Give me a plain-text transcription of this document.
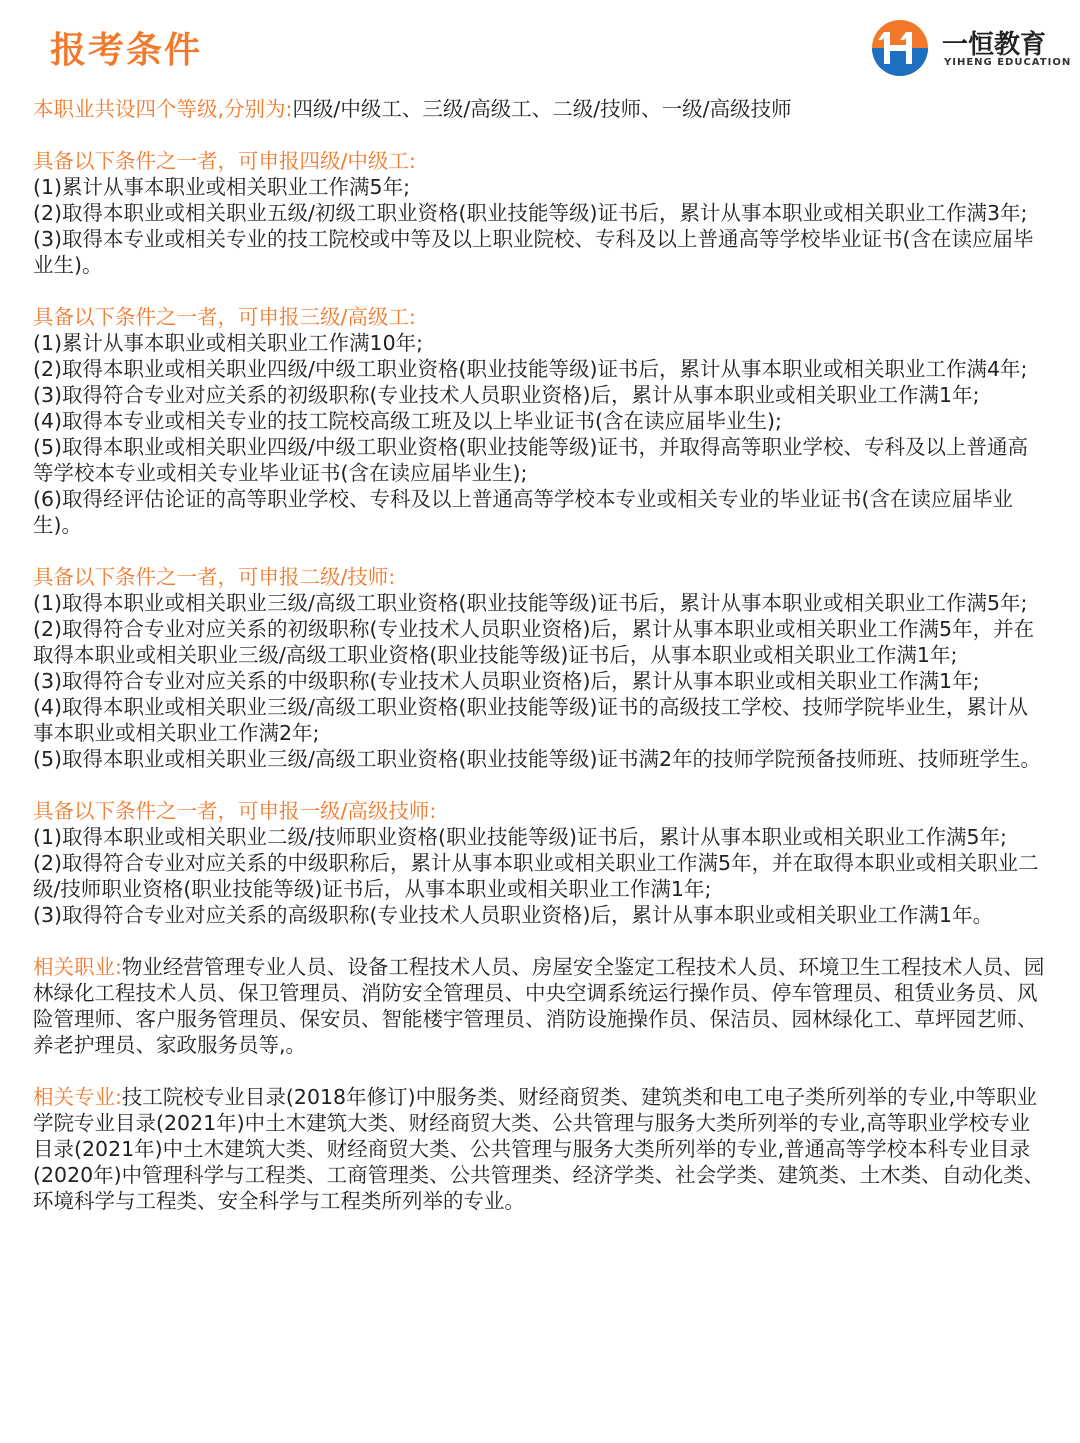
报考条件	一恒教育
YIHENG EDUCATION

本职业共设四个等级,分别为:四级/中级工、三级/高级工、二级/技师、一级/高级技师

具备以下条件之一者，可申报四级/中级工:

(1)累计从事本职业或相关职业工作满5年;

(2)取得本职业或相关职业五级/初级工职业资格(职业技能等级)证书后，累计从事本职业或相关职业工作满3年;

(3)取得本专业或相关专业的技工院校或中等及以上职业院校、专科及以上普通高等学校毕业证书(含在读应届毕业生)。

具备以下条件之一者，可申报三级/高级工:

(1)累计从事本职业或相关职业工作满10年;

(2)取得本职业或相关职业四级/中级工职业资格(职业技能等级)证书后，累计从事本职业或相关职业工作满4年;

(3)取得符合专业对应关系的初级职称(专业技术人员职业资格)后，累计从事本职业或相关职业工作满1年;

(4)取得本专业或相关专业的技工院校高级工班及以上毕业证书(含在读应届毕业生);

(5)取得本职业或相关职业四级/中级工职业资格(职业技能等级)证书，并取得高等职业学校、专科及以上普通高等学校本专业或相关专业毕业证书(含在读应届毕业生);

(6)取得经评估论证的高等职业学校、专科及以上普通高等学校本专业或相关专业的毕业证书(含在读应届毕业生)。

具备以下条件之一者，可申报二级/技师:

(1)取得本职业或相关职业三级/高级工职业资格(职业技能等级)证书后，累计从事本职业或相关职业工作满5年;

(2)取得符合专业对应关系的初级职称(专业技术人员职业资格)后，累计从事本职业或相关职业工作满5年，并在取得本职业或相关职业三级/高级工职业资格(职业技能等级)证书后，从事本职业或相关职业工作满1年;

(3)取得符合专业对应关系的中级职称(专业技术人员职业资格)后，累计从事本职业或相关职业工作满1年;

(4)取得本职业或相关职业三级/高级工职业资格(职业技能等级)证书的高级技工学校、技师学院毕业生，累计从事本职业或相关职业工作满2年;

(5)取得本职业或相关职业三级/高级工职业资格(职业技能等级)证书满2年的技师学院预备技师班、技师班学生。

具备以下条件之一者，可申报一级/高级技师:

(1)取得本职业或相关职业二级/技师职业资格(职业技能等级)证书后，累计从事本职业或相关职业工作满5年;

(2)取得符合专业对应关系的中级职称后，累计从事本职业或相关职业工作满5年，并在取得本职业或相关职业二级/技师职业资格(职业技能等级)证书后，从事本职业或相关职业工作满1年;

(3)取得符合专业对应关系的高级职称(专业技术人员职业资格)后，累计从事本职业或相关职业工作满1年。

相关职业:物业经营管理专业人员、设备工程技术人员、房屋安全鉴定工程技术人员、环境卫生工程技术人员、园林绿化工程技术人员、保卫管理员、消防安全管理员、中央空调系统运行操作员、停车管理员、租赁业务员、风险管理师、客户服务管理员、保安员、智能楼宇管理员、消防设施操作员、保洁员、园林绿化工、草坪园艺师、养老护理员、家政服务员等,。

相关专业:技工院校专业目录(2018年修订)中服务类、财经商贸类、建筑类和电工电子类所列举的专业,中等职业学院专业目录(2021年)中土木建筑大类、财经商贸大类、公共管理与服务大类所列举的专业,高等职业学校专业目录(2021年)中土木建筑大类、财经商贸大类、公共管理与服务大类所列举的专业,普通高等学校本科专业目录(2020年)中管理科学与工程类、工商管理类、公共管理类、经济学类、社会学类、建筑类、土木类、自动化类、环境科学与工程类、安全科学与工程类所列举的专业。
